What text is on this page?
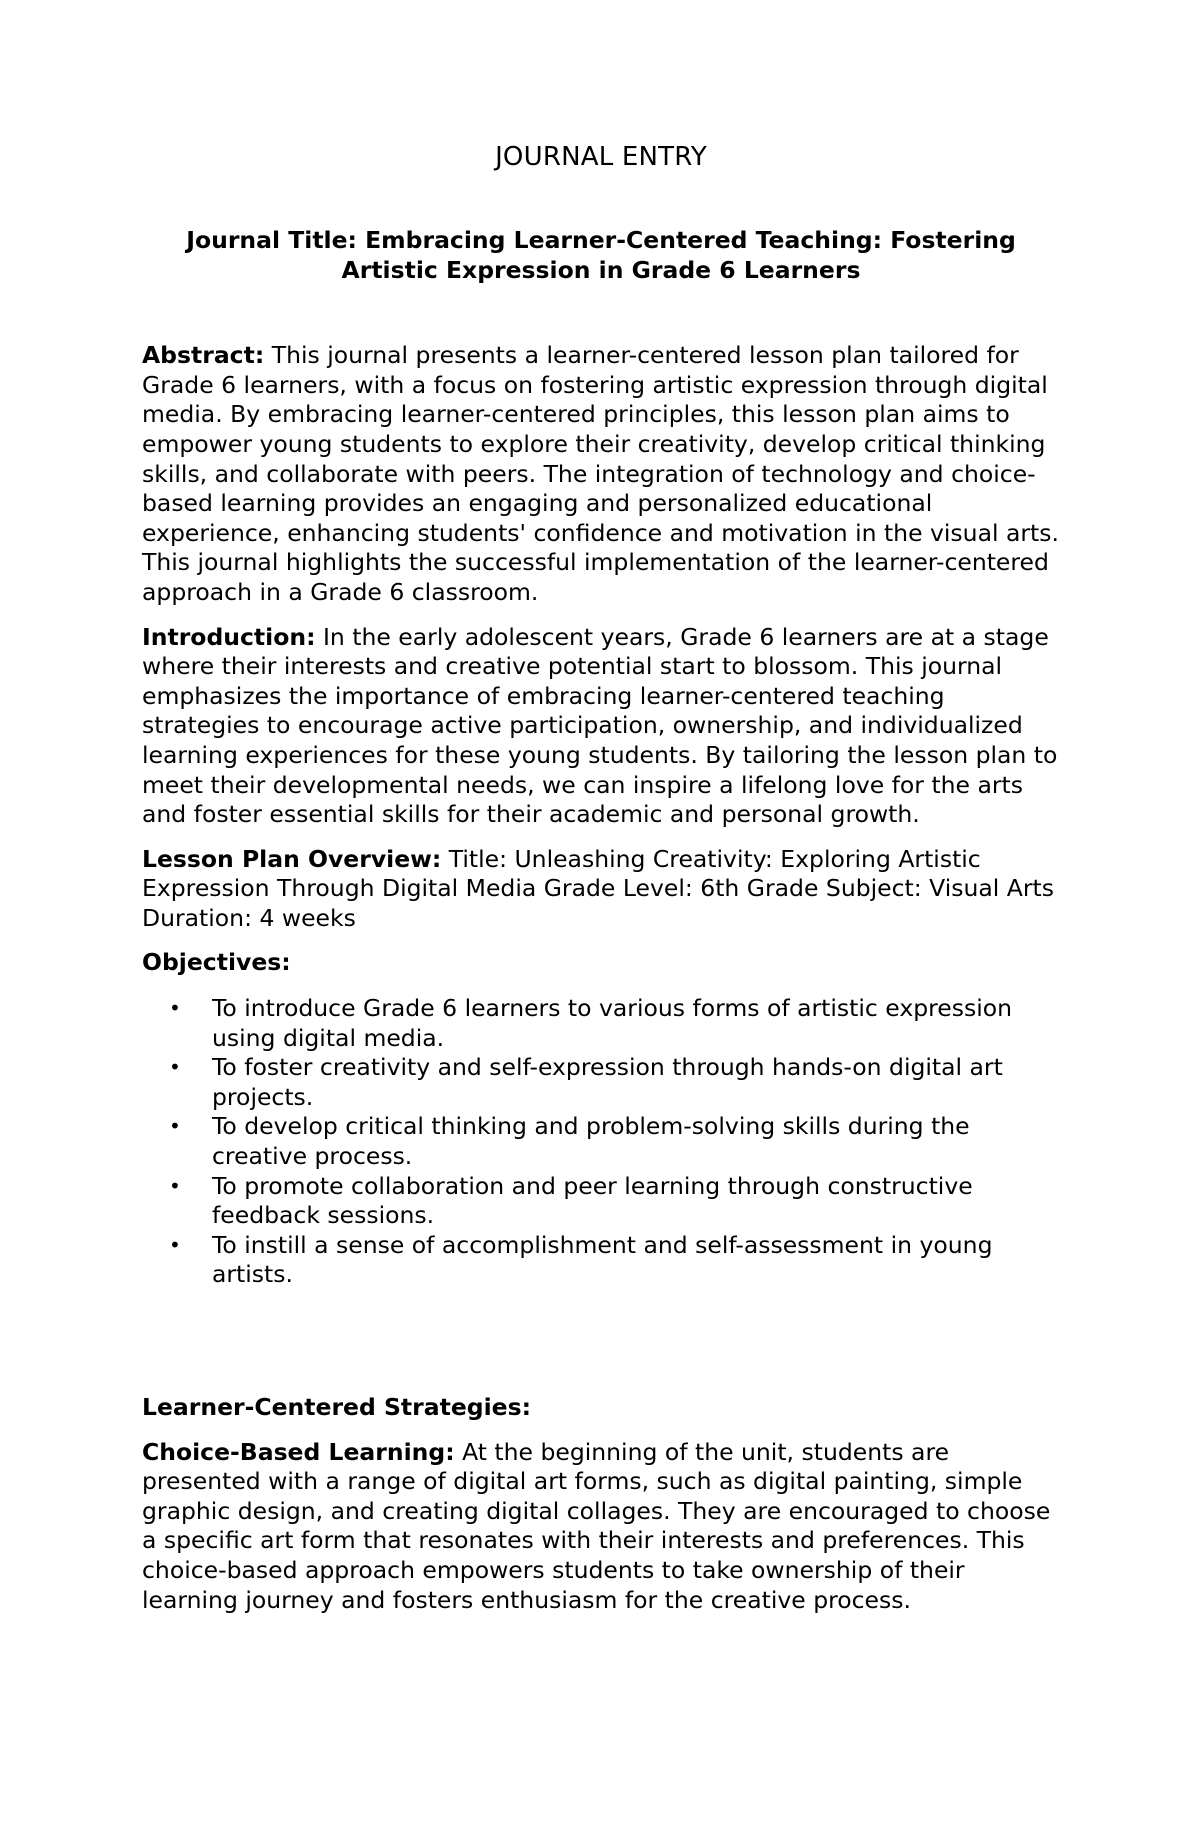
JOURNAL ENTRY

Journal Title: Embracing Learner-Centered Teaching: Fostering Artistic Expression in Grade 6 Learners

Abstract: This journal presents a learner-centered lesson plan tailored for Grade 6 learners, with a focus on fostering artistic expression through digital media. By embracing learner-centered principles, this lesson plan aims to empower young students to explore their creativity, develop critical thinking skills, and collaborate with peers. The integration of technology and choice-based learning provides an engaging and personalized educational experience, enhancing students' confidence and motivation in the visual arts. This journal highlights the successful implementation of the learner-centered approach in a Grade 6 classroom.

Introduction: In the early adolescent years, Grade 6 learners are at a stage where their interests and creative potential start to blossom. This journal emphasizes the importance of embracing learner-centered teaching strategies to encourage active participation, ownership, and individualized learning experiences for these young students. By tailoring the lesson plan to meet their developmental needs, we can inspire a lifelong love for the arts and foster essential skills for their academic and personal growth.

Lesson Plan Overview: Title: Unleashing Creativity: Exploring Artistic Expression Through Digital Media Grade Level: 6th Grade Subject: Visual Arts Duration: 4 weeks

Objectives:

• To introduce Grade 6 learners to various forms of artistic expression using digital media.
• To foster creativity and self-expression through hands-on digital art projects.
• To develop critical thinking and problem-solving skills during the creative process.
• To promote collaboration and peer learning through constructive feedback sessions.
• To instill a sense of accomplishment and self-assessment in young artists.

Learner-Centered Strategies:

Choice-Based Learning: At the beginning of the unit, students are presented with a range of digital art forms, such as digital painting, simple graphic design, and creating digital collages. They are encouraged to choose a specific art form that resonates with their interests and preferences. This choice-based approach empowers students to take ownership of their learning journey and fosters enthusiasm for the creative process.
